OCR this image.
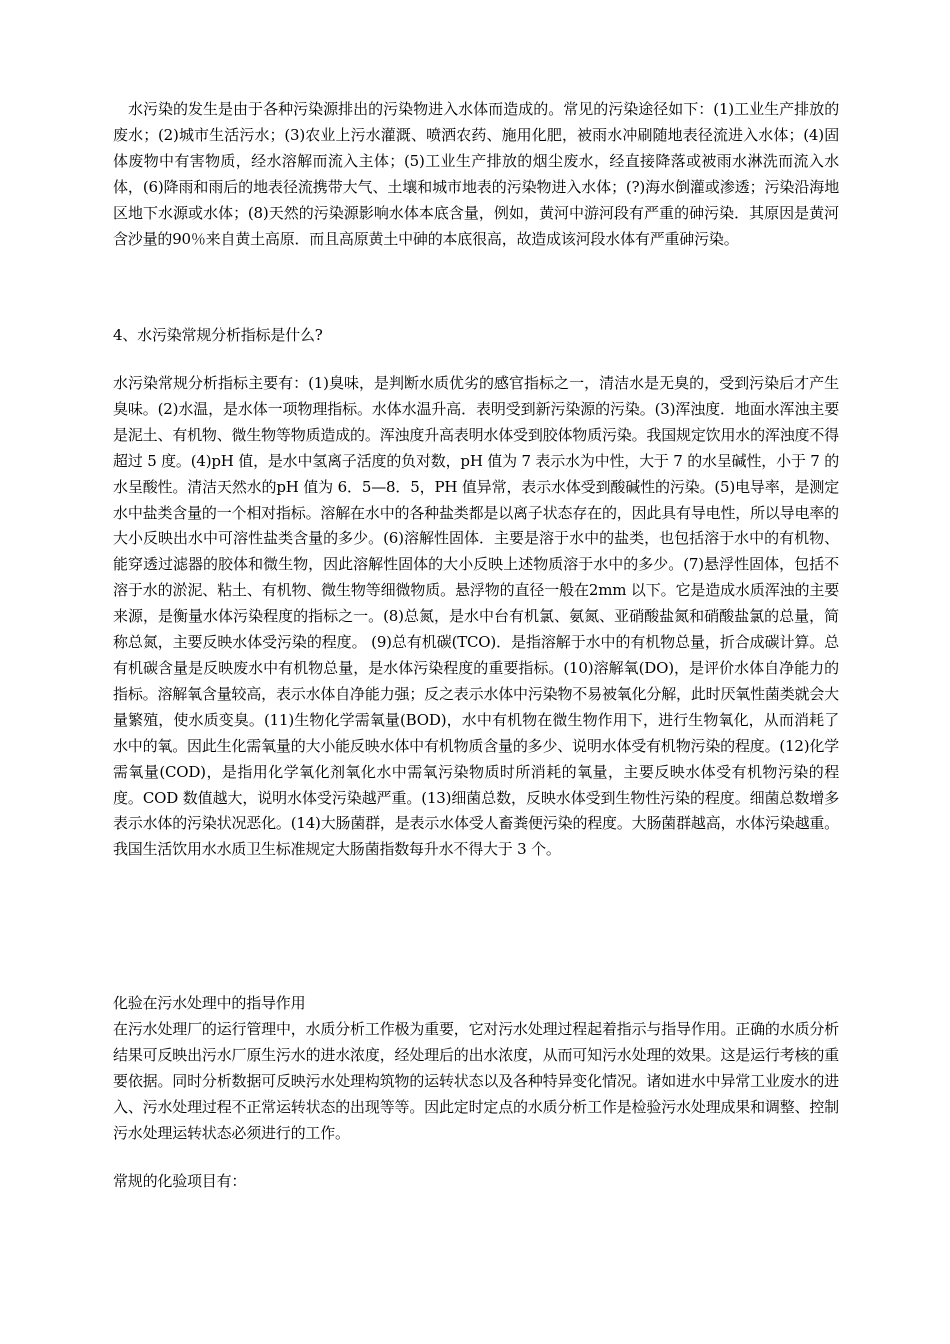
水污染的发生是由于各种污染源排出的污染物进入水体而造成的。常见的污染途径如下：(1)工业生产排放的废水；(2)城市生活污水；(3)农业上污水灌溉、喷洒农药、施用化肥，被雨水冲刷随地表径流进入水体；(4)固体废物中有害物质，经水溶解而流入主体；(5)工业生产排放的烟尘废水，经直接降落或被雨水淋洗而流入水体，(6)降雨和雨后的地表径流携带大气、土壤和城市地表的污染物进入水体；(?)海水倒灌或渗透；污染沿海地区地下水源或水体；(8)天然的污染源影响水体本底含量，例如，黄河中游河段有严重的砷污染．其原因是黄河含沙量的90％来自黄土高原．而且高原黄土中砷的本底很高，故造成该河段水体有严重砷污染。

4、水污染常规分析指标是什么?

水污染常规分析指标主要有：(1)臭味，是判断水质优劣的感官指标之一，清洁水是无臭的，受到污染后才产生臭味。(2)水温，是水体一项物理指标。水体水温升高．表明受到新污染源的污染。(3)浑浊度．地面水浑浊主要是泥土、有机物、微生物等物质造成的。浑浊度升高表明水体受到胶体物质污染。我国规定饮用水的浑浊度不得超过 5 度。(4)pH 值，是水中氢离子活度的负对数，pH 值为 7 表示水为中性，大于 7 的水呈碱性，小于 7 的水呈酸性。清洁天然水的pH 值为 6．5—8．5，PH 值异常，表示水体受到酸碱性的污染。(5)电导率，是测定水中盐类含量的一个相对指标。溶解在水中的各种盐类都是以离子状态存在的，因此具有导电性，所以导电率的大小反映出水中可溶性盐类含量的多少。(6)溶解性固体．主要是溶于水中的盐类，也包括溶于水中的有机物、能穿透过滤器的胶体和微生物，因此溶解性固体的大小反映上述物质溶于水中的多少。(7)悬浮性固体，包括不溶于水的淤泥、粘土、有机物、微生物等细微物质。悬浮物的直径一般在2mm 以下。它是造成水质浑浊的主要来源，是衡量水体污染程度的指标之一。(8)总氮，是水中台有机氯、氨氮、亚硝酸盐氮和硝酸盐氯的总量，简称总氮，主要反映水体受污染的程度。 (9)总有机碳(TCO)．是指溶解于水中的有机物总量，折合成碳计算。总有机碳含量是反映废水中有机物总量，是水体污染程度的重要指标。(10)溶解氧(DO)，是评价水体自净能力的指标。溶解氧含量较高，表示水体自净能力强；反之表示水体中污染物不易被氧化分解，此时厌氧性菌类就会大量繁殖，使水质变臭。(11)生物化学需氧量(BOD)，水中有机物在微生物作用下，进行生物氧化，从而消耗了水中的氧。因此生化需氧量的大小能反映水体中有机物质含量的多少、说明水体受有机物污染的程度。(12)化学需氧量(COD)，是指用化学氧化剂氧化水中需氧污染物质时所消耗的氧量，主要反映水体受有机物污染的程度。COD 数值越大，说明水体受污染越严重。(13)细菌总数，反映水体受到生物性污染的程度。细菌总数增多表示水体的污染状况恶化。(14)大肠菌群，是表示水体受人畜粪便污染的程度。大肠菌群越高，水体污染越重。我国生活饮用水水质卫生标准规定大肠菌指数每升水不得大于 3 个。

化验在污水处理中的指导作用

在污水处理厂的运行管理中，水质分析工作极为重要，它对污水处理过程起着指示与指导作用。正确的水质分析结果可反映出污水厂原生污水的进水浓度，经处理后的出水浓度，从而可知污水处理的效果。这是运行考核的重要依据。同时分析数据可反映污水处理构筑物的运转状态以及各种特异变化情况。诸如进水中异常工业废水的进入、污水处理过程不正常运转状态的出现等等。因此定时定点的水质分析工作是检验污水处理成果和调整、控制污水处理运转状态必须进行的工作。

常规的化验项目有：
